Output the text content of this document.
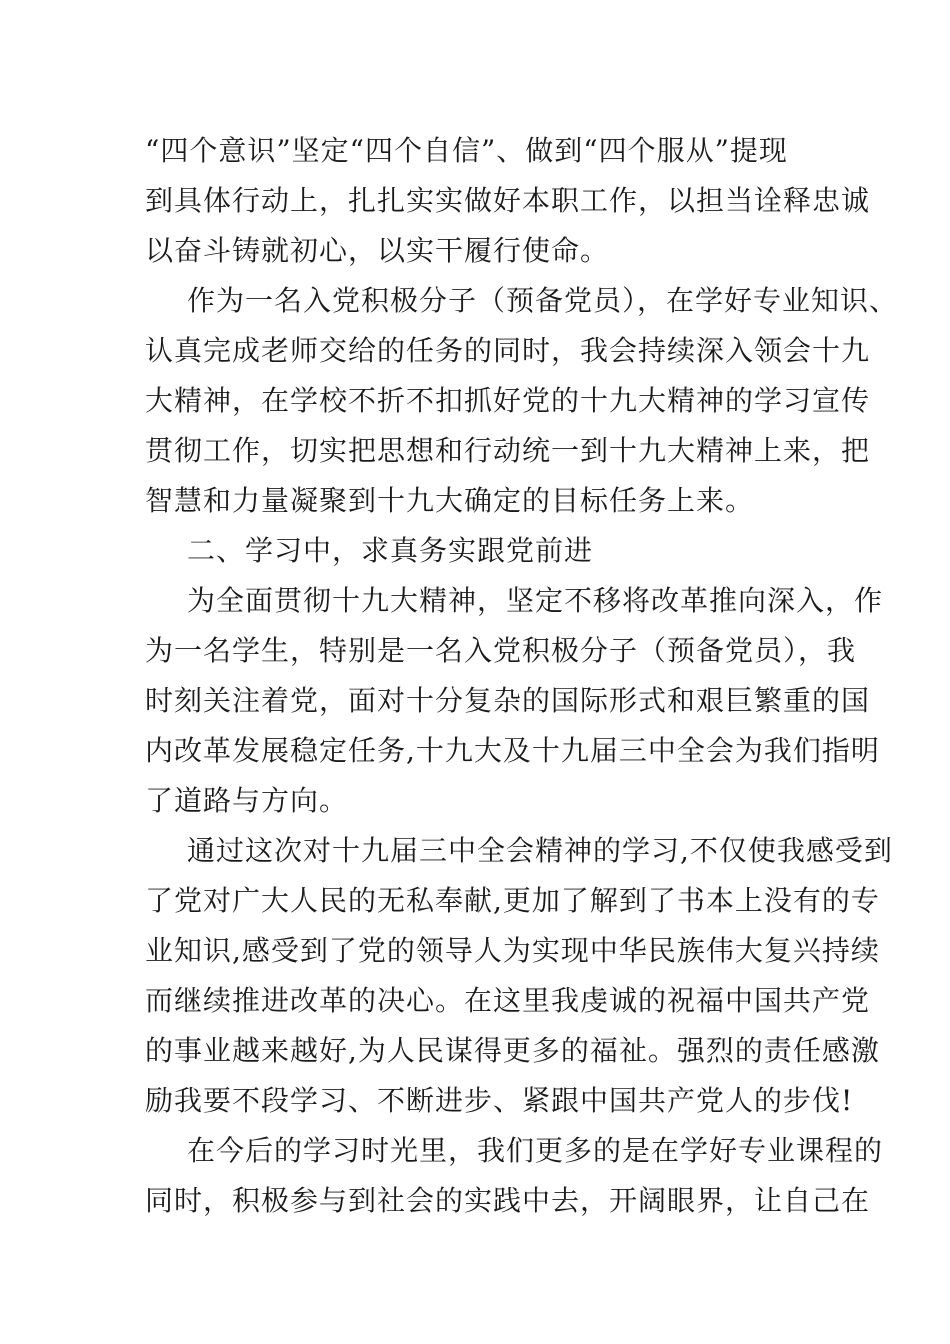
“四个意识”坚定“四个自信”、做到“四个服从”提现
到具体行动上，扎扎实实做好本职工作，以担当诠释忠诚
以奋斗铸就初心，以实干履行使命。
作为一名入党积极分子（预备党员），在学好专业知识、
认真完成老师交给的任务的同时，我会持续深入领会十九
大精神，在学校不折不扣抓好党的十九大精神的学习宣传
贯彻工作，切实把思想和行动统一到十九大精神上来，把
智慧和力量凝聚到十九大确定的目标任务上来。
二、学习中，求真务实跟党前进
为全面贯彻十九大精神，坚定不移将改革推向深入，作
为一名学生，特别是一名入党积极分子（预备党员），我
时刻关注着党，面对十分复杂的国际形式和艰巨繁重的国
内改革发展稳定任务,十九大及十九届三中全会为我们指明
了道路与方向。
通过这次对十九届三中全会精神的学习,不仅使我感受到
了党对广大人民的无私奉献,更加了解到了书本上没有的专
业知识,感受到了党的领导人为实现中华民族伟大复兴持续
而继续推进改革的决心。在这里我虔诚的祝福中国共产党
的事业越来越好,为人民谋得更多的福祉。强烈的责任感激
励我要不段学习、不断进步、紧跟中国共产党人的步伐!
在今后的学习时光里，我们更多的是在学好专业课程的
同时，积极参与到社会的实践中去，开阔眼界，让自己在
